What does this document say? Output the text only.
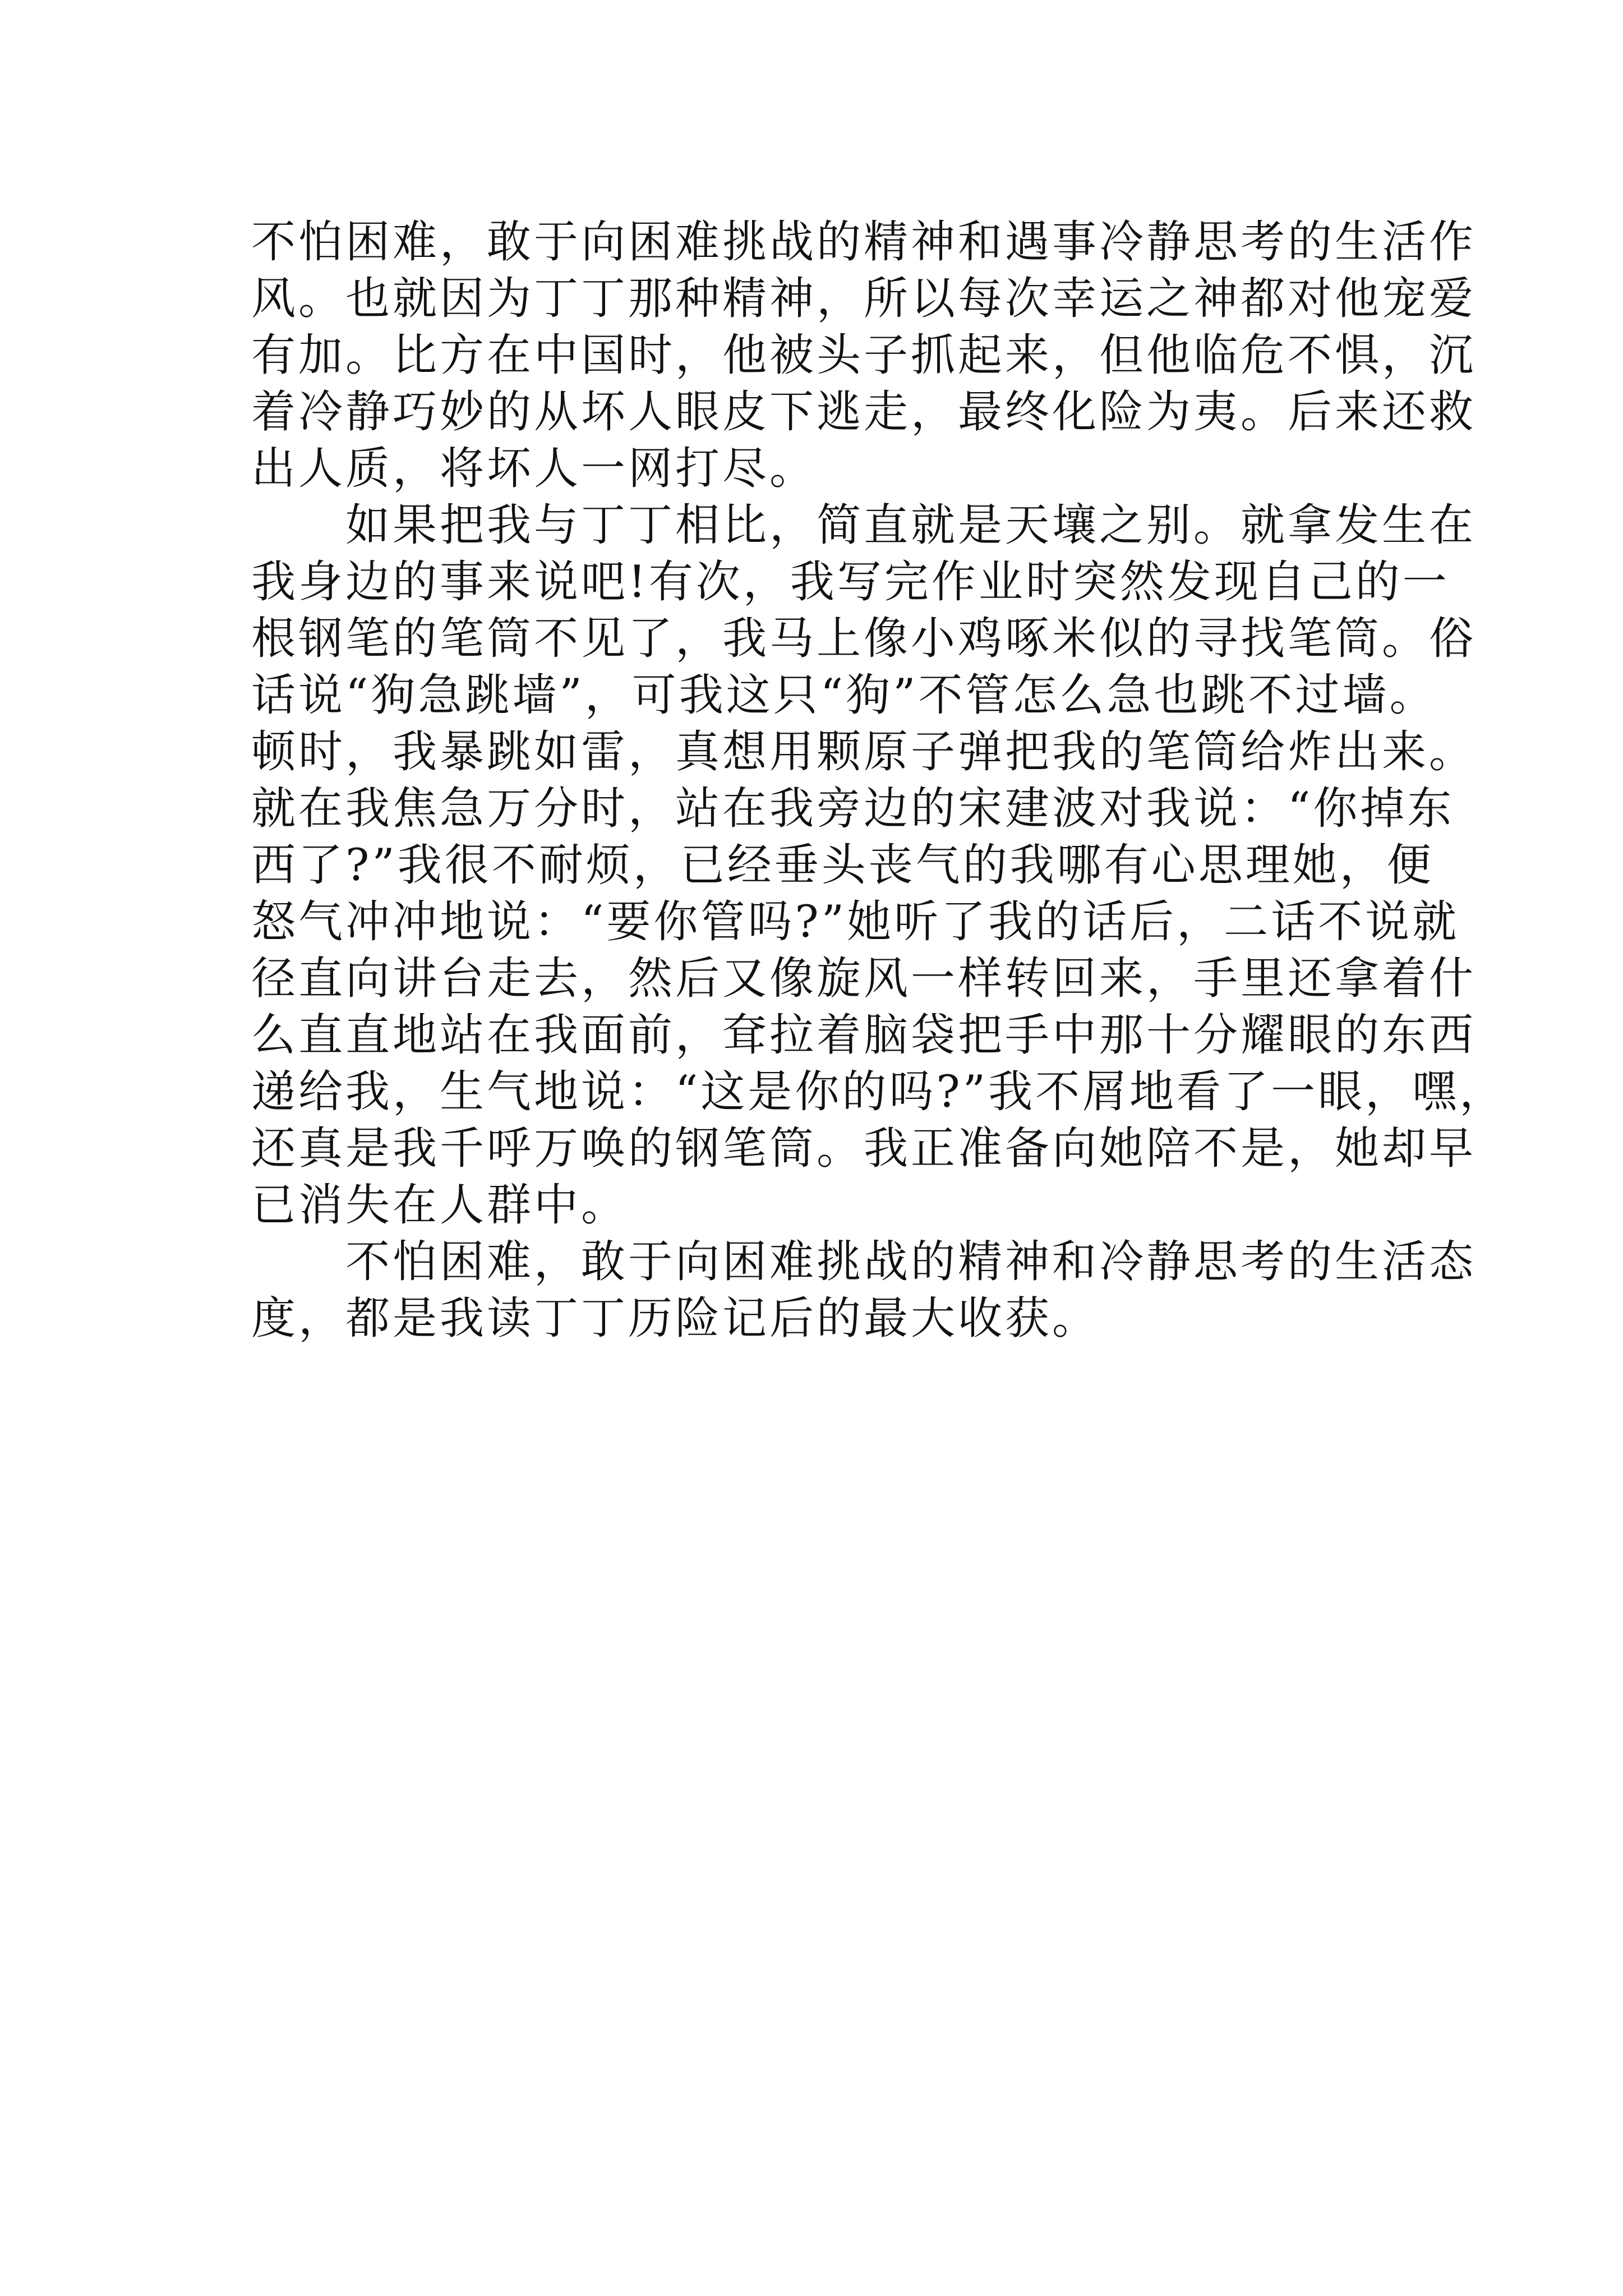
不怕困难，敢于向困难挑战的精神和遇事冷静思考的生活作
风。也就因为丁丁那种精神，所以每次幸运之神都对他宠爱
有加。比方在中国时，他被头子抓起来，但他临危不惧，沉
着冷静巧妙的从坏人眼皮下逃走，最终化险为夷。后来还救
出人质，将坏人一网打尽。
　　如果把我与丁丁相比，简直就是天壤之别。就拿发生在
我身边的事来说吧!有次，我写完作业时突然发现自己的一
根钢笔的笔筒不见了，我马上像小鸡啄米似的寻找笔筒。俗
话说“狗急跳墙”，可我这只“狗”不管怎么急也跳不过墙。
顿时，我暴跳如雷，真想用颗原子弹把我的笔筒给炸出来。
就在我焦急万分时，站在我旁边的宋建波对我说：“你掉东
西了?”我很不耐烦，已经垂头丧气的我哪有心思理她，便
怒气冲冲地说：“要你管吗?”她听了我的话后，二话不说就
径直向讲台走去，然后又像旋风一样转回来，手里还拿着什
么直直地站在我面前，耷拉着脑袋把手中那十分耀眼的东西
递给我，生气地说：“这是你的吗?”我不屑地看了一眼，嘿，
还真是我千呼万唤的钢笔筒。我正准备向她陪不是，她却早
已消失在人群中。
　　不怕困难，敢于向困难挑战的精神和冷静思考的生活态
度，都是我读丁丁历险记后的最大收获。
